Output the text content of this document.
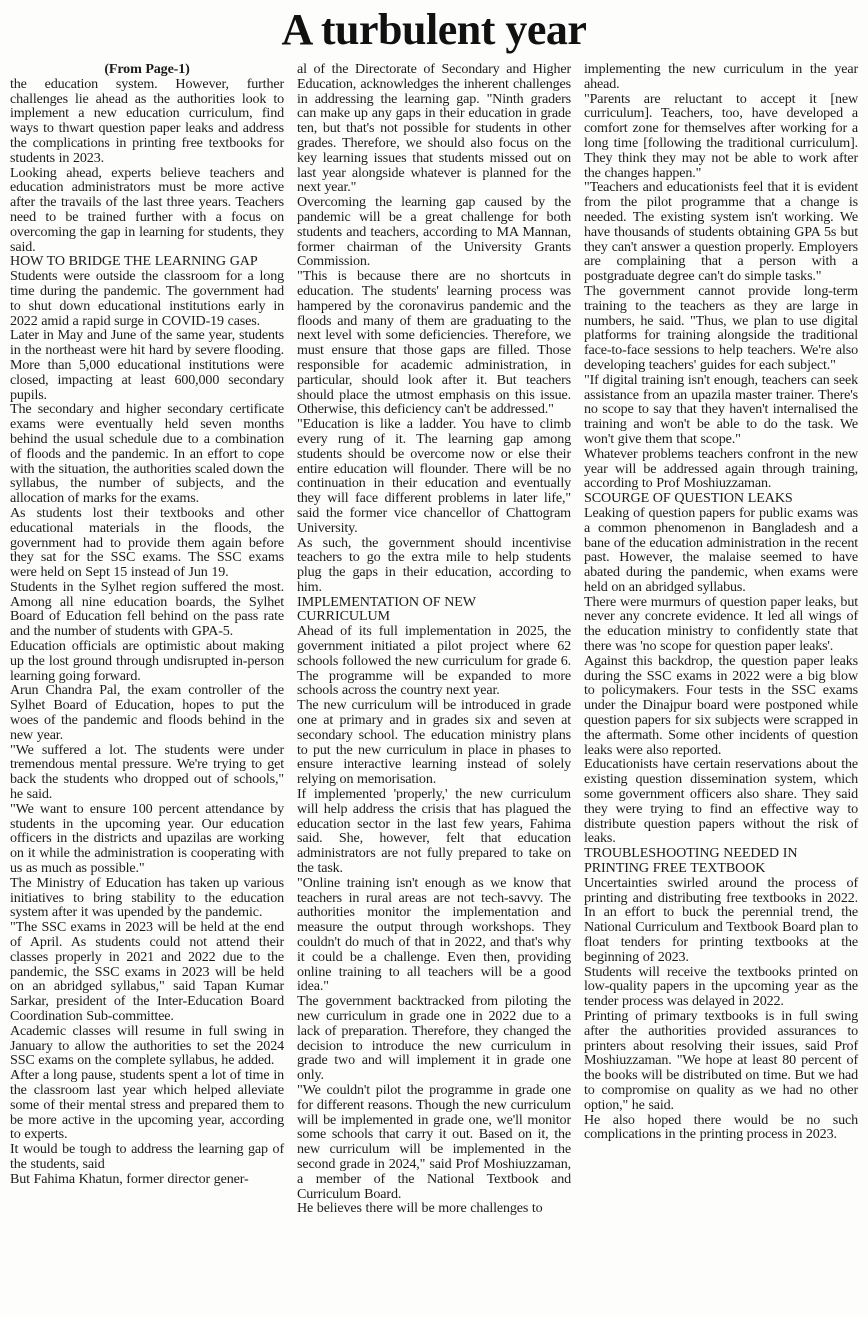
A turbulent year

(From Page-1)

the education system. However, further challenges lie ahead as the authorities look to implement a new education curriculum, find ways to thwart question paper leaks and address the complications in printing free textbooks for students in 2023.

Looking ahead, experts believe teachers and education administrators must be more active after the travails of the last three years. Teachers need to be trained further with a focus on overcoming the gap in learning for students, they said.

HOW TO BRIDGE THE LEARNING GAP

Students were outside the classroom for a long time during the pandemic. The government had to shut down educational institutions early in 2022 amid a rapid surge in COVID-19 cases.

Later in May and June of the same year, students in the northeast were hit hard by severe flooding. More than 5,000 educational institutions were closed, impacting at least 600,000 secondary pupils.

The secondary and higher secondary certificate exams were eventually held seven months behind the usual schedule due to a combination of floods and the pandemic. In an effort to cope with the situation, the authorities scaled down the syllabus, the number of subjects, and the allocation of marks for the exams.

As students lost their textbooks and other educational materials in the floods, the government had to provide them again before they sat for the SSC exams. The SSC exams were held on Sept 15 instead of Jun 19.

Students in the Sylhet region suffered the most. Among all nine education boards, the Sylhet Board of Education fell behind on the pass rate and the number of students with GPA-5.

Education officials are optimistic about making up the lost ground through undisrupted in-person learning going forward.

Arun Chandra Pal, the exam controller of the Sylhet Board of Education, hopes to put the woes of the pandemic and floods behind in the new year.

"We suffered a lot. The students were under tremendous mental pressure. We're trying to get back the students who dropped out of schools," he said.

"We want to ensure 100 percent attendance by students in the upcoming year. Our education officers in the districts and upazilas are working on it while the administration is cooperating with us as much as possible."

The Ministry of Education has taken up various initiatives to bring stability to the education system after it was upended by the pandemic.

"The SSC exams in 2023 will be held at the end of April. As students could not attend their classes properly in 2021 and 2022 due to the pandemic, the SSC exams in 2023 will be held on an abridged syllabus," said Tapan Kumar Sarkar, president of the Inter-Education Board Coordination Sub-committee.

Academic classes will resume in full swing in January to allow the authorities to set the 2024 SSC exams on the complete syllabus, he added.

After a long pause, students spent a lot of time in the classroom last year which helped alleviate some of their mental stress and prepared them to be more active in the upcoming year, according to experts.

It would be tough to address the learning gap of the students, said

But Fahima Khatun, former director gener-

al of the Directorate of Secondary and Higher Education, acknowledges the inherent challenges in addressing the learning gap. "Ninth graders can make up any gaps in their education in grade ten, but that's not possible for students in other grades. Therefore, we should also focus on the key learning issues that students missed out on last year alongside whatever is planned for the next year."

Overcoming the learning gap caused by the pandemic will be a great challenge for both students and teachers, according to MA Mannan, former chairman of the University Grants Commission.

"This is because there are no shortcuts in education. The students' learning process was hampered by the coronavirus pandemic and the floods and many of them are graduating to the next level with some deficiencies. Therefore, we must ensure that those gaps are filled. Those responsible for academic administration, in particular, should look after it. But teachers should place the utmost emphasis on this issue. Otherwise, this deficiency can't be addressed."

"Education is like a ladder. You have to climb every rung of it. The learning gap among students should be overcome now or else their entire education will flounder. There will be no continuation in their education and eventually they will face different problems in later life," said the former vice chancellor of Chattogram University.

As such, the government should incentivise teachers to go the extra mile to help students plug the gaps in their education, according to him.

IMPLEMENTATION OF NEW CURRICULUM

Ahead of its full implementation in 2025, the government initiated a pilot project where 62 schools followed the new curriculum for grade 6. The programme will be expanded to more schools across the country next year.

The new curriculum will be introduced in grade one at primary and in grades six and seven at secondary school. The education ministry plans to put the new curriculum in place in phases to ensure interactive learning instead of solely relying on memorisation.

If implemented 'properly,' the new curriculum will help address the crisis that has plagued the education sector in the last few years, Fahima said. She, however, felt that education administrators are not fully prepared to take on the task.

"Online training isn't enough as we know that teachers in rural areas are not tech-savvy. The authorities monitor the implementation and measure the output through workshops. They couldn't do much of that in 2022, and that's why it could be a challenge. Even then, providing online training to all teachers will be a good idea."

The government backtracked from piloting the new curriculum in grade one in 2022 due to a lack of preparation. Therefore, they changed the decision to introduce the new curriculum in grade two and will implement it in grade one only.

"We couldn't pilot the programme in grade one for different reasons. Though the new curriculum will be implemented in grade one, we'll monitor some schools that carry it out. Based on it, the new curriculum will be implemented in the second grade in 2024," said Prof Moshiuzzaman, a member of the National Textbook and Curriculum Board.

He believes there will be more challenges to

implementing the new curriculum in the year ahead.

"Parents are reluctant to accept it [new curriculum]. Teachers, too, have developed a comfort zone for themselves after working for a long time [following the traditional curriculum]. They think they may not be able to work after the changes happen."

"Teachers and educationists feel that it is evident from the pilot programme that a change is needed. The existing system isn't working. We have thousands of students obtaining GPA 5s but they can't answer a question properly. Employers are complaining that a person with a postgraduate degree can't do simple tasks."

The government cannot provide long-term training to the teachers as they are large in numbers, he said. "Thus, we plan to use digital platforms for training alongside the traditional face-to-face sessions to help teachers. We're also developing teachers' guides for each subject."

"If digital training isn't enough, teachers can seek assistance from an upazila master trainer. There's no scope to say that they haven't internalised the training and won't be able to do the task. We won't give them that scope."

Whatever problems teachers confront in the new year will be addressed again through training, according to Prof Moshiuzzaman.

SCOURGE OF QUESTION LEAKS

Leaking of question papers for public exams was a common phenomenon in Bangladesh and a bane of the education administration in the recent past. However, the malaise seemed to have abated during the pandemic, when exams were held on an abridged syllabus.

There were murmurs of question paper leaks, but never any concrete evidence. It led all wings of the education ministry to confidently state that there was 'no scope for question paper leaks'.

Against this backdrop, the question paper leaks during the SSC exams in 2022 were a big blow to policymakers. Four tests in the SSC exams under the Dinajpur board were postponed while question papers for six subjects were scrapped in the aftermath. Some other incidents of question leaks were also reported.

Educationists have certain reservations about the existing question dissemination system, which some government officers also share. They said they were trying to find an effective way to distribute question papers without the risk of leaks.

TROUBLESHOOTING NEEDED IN PRINTING FREE TEXTBOOK

Uncertainties swirled around the process of printing and distributing free textbooks in 2022. In an effort to buck the perennial trend, the National Curriculum and Textbook Board plan to float tenders for printing textbooks at the beginning of 2023.

Students will receive the textbooks printed on low-quality papers in the upcoming year as the tender process was delayed in 2022.

Printing of primary textbooks is in full swing after the authorities provided assurances to printers about resolving their issues, said Prof Moshiuzzaman. "We hope at least 80 percent of the books will be distributed on time. But we had to compromise on quality as we had no other option," he said.

He also hoped there would be no such complications in the printing process in 2023.
